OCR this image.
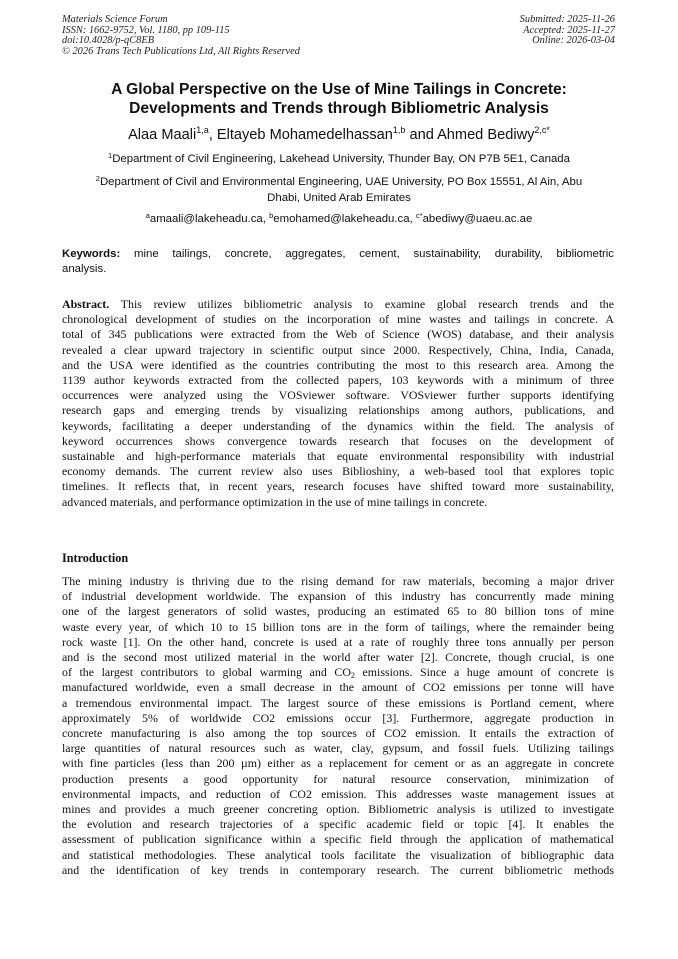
Materials Science Forum
ISSN: 1662-9752, Vol. 1180, pp 109-115
doi:10.4028/p-qC8EB
© 2026 Trans Tech Publications Ltd, All Rights Reserved
Submitted: 2025-11-26
Accepted: 2025-11-27
Online: 2026-03-04
A Global Perspective on the Use of Mine Tailings in Concrete:
Developments and Trends through Bibliometric Analysis
Alaa Maali$^{1,a}$, Eltayeb Mohamedelhassan$^{1,b}$ and Ahmed Bediwy$^{2,c*}$
$^1$Department of Civil Engineering, Lakehead University, Thunder Bay, ON P7B 5E1, Canada
$^2$Department of Civil and Environmental Engineering, UAE University, PO Box 15551, Al Ain, Abu
Dhabi, United Arab Emirates
$^a$amaali@lakeheadu.ca, $^b$emohamed@lakeheadu.ca, $^{c*}$abediwy@uaeu.ac.ae
Keywords: mine tailings, concrete, aggregates, cement, sustainability, durability, bibliometric
analysis.
Abstract. This review utilizes bibliometric analysis to examine global research trends and the
chronological development of studies on the incorporation of mine wastes and tailings in concrete. A
total of 345 publications were extracted from the Web of Science (WOS) database, and their analysis
revealed a clear upward trajectory in scientific output since 2000. Respectively, China, India, Canada,
and the USA were identified as the countries contributing the most to this research area. Among the
1139 author keywords extracted from the collected papers, 103 keywords with a minimum of three
occurrences were analyzed using the VOSviewer software. VOSviewer further supports identifying
research gaps and emerging trends by visualizing relationships among authors, publications, and
keywords, facilitating a deeper understanding of the dynamics within the field. The analysis of
keyword occurrences shows convergence towards research that focuses on the development of
sustainable and high-performance materials that equate environmental responsibility with industrial
economy demands. The current review also uses Biblioshiny, a web-based tool that explores topic
timelines. It reflects that, in recent years, research focuses have shifted toward more sustainability,
advanced materials, and performance optimization in the use of mine tailings in concrete.
Introduction
The mining industry is thriving due to the rising demand for raw materials, becoming a major driver
of industrial development worldwide. The expansion of this industry has concurrently made mining
one of the largest generators of solid wastes, producing an estimated 65 to 80 billion tons of mine
waste every year, of which 10 to 15 billion tons are in the form of tailings, where the remainder being
rock waste [1]. On the other hand, concrete is used at a rate of roughly three tons annually per person
and is the second most utilized material in the world after water [2]. Concrete, though crucial, is one
of the largest contributors to global warming and $CO_2$ emissions. Since a huge amount of concrete is
manufactured worldwide, even a small decrease in the amount of CO2 emissions per tonne will have
a tremendous environmental impact. The largest source of these emissions is Portland cement, where
approximately 5% of worldwide CO2 emissions occur [3]. Furthermore, aggregate production in
concrete manufacturing is also among the top sources of CO2 emission. It entails the extraction of
large quantities of natural resources such as water, clay, gypsum, and fossil fuels. Utilizing tailings
with fine particles (less than 200 µm) either as a replacement for cement or as an aggregate in concrete
production presents a good opportunity for natural resource conservation, minimization of
environmental impacts, and reduction of CO2 emission. This addresses waste management issues at
mines and provides a much greener concreting option. Bibliometric analysis is utilized to investigate
the evolution and research trajectories of a specific academic field or topic [4]. It enables the
assessment of publication significance within a specific field through the application of mathematical
and statistical methodologies. These analytical tools facilitate the visualization of bibliographic data
and the identification of key trends in contemporary research. The current bibliometric methods
